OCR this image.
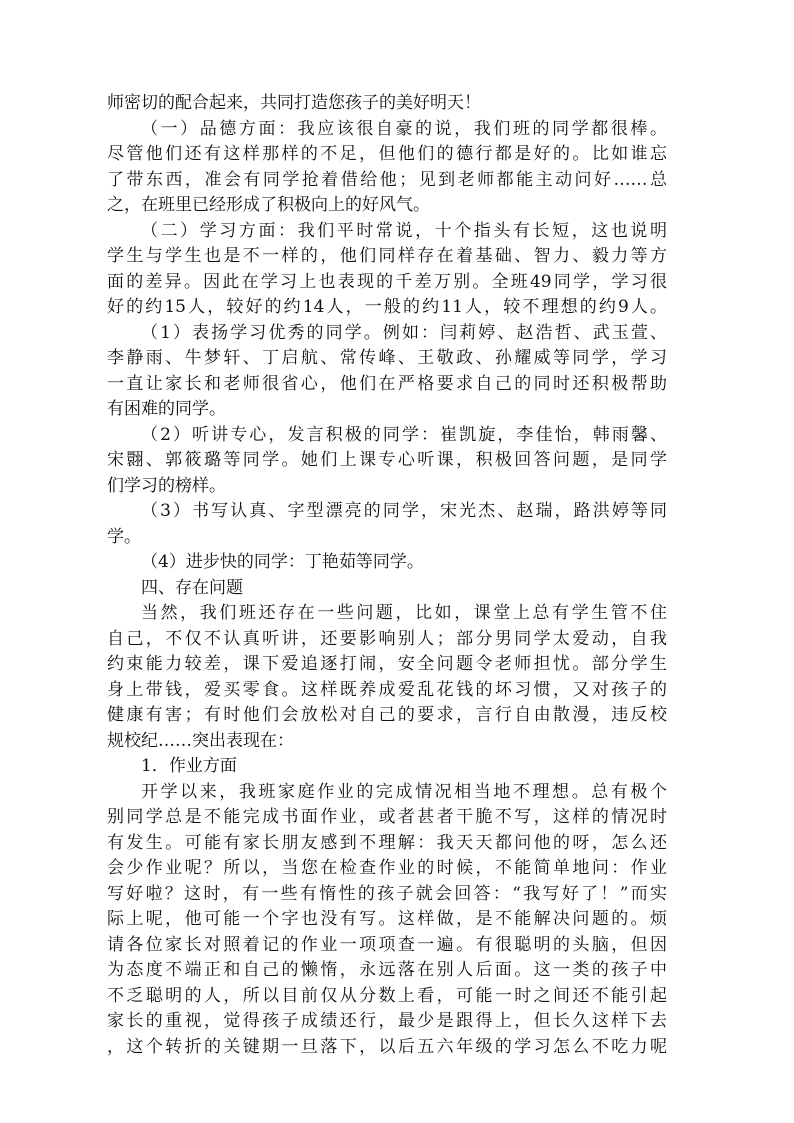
师密切的配合起来，共同打造您孩子的美好明天！
（一）品德方面：我应该很自豪的说，我们班的同学都很棒。
尽管他们还有这样那样的不足，但他们的德行都是好的。比如谁忘
了带东西，准会有同学抢着借给他；见到老师都能主动问好……总
之，在班里已经形成了积极向上的好风气。
（二）学习方面：我们平时常说，十个指头有长短，这也说明
学生与学生也是不一样的，他们同样存在着基础、智力、毅力等方
面的差异。因此在学习上也表现的千差万别。全班49同学，学习很
好的约15人，较好的约14人，一般的约11人，较不理想的约9人。
（1）表扬学习优秀的同学。例如：闫莉婷、赵浩哲、武玉萱、
李静雨、牛梦轩、丁启航、常传峰、王敬政、孙耀威等同学，学习
一直让家长和老师很省心，他们在严格要求自己的同时还积极帮助
有困难的同学。
（2）听讲专心，发言积极的同学：崔凯旋，李佳怡，韩雨馨、
宋翾、郭筱璐等同学。她们上课专心听课，积极回答问题，是同学
们学习的榜样。
（3）书写认真、字型漂亮的同学，宋光杰、赵瑞，路洪婷等同
学。
（4）进步快的同学：丁艳茹等同学。
四、存在问题
当然，我们班还存在一些问题，比如，课堂上总有学生管不住
自己，不仅不认真听讲，还要影响别人；部分男同学太爱动，自我
约束能力较差，课下爱追逐打闹，安全问题令老师担忧。部分学生
身上带钱，爱买零食。这样既养成爱乱花钱的坏习惯，又对孩子的
健康有害；有时他们会放松对自己的要求，言行自由散漫，违反校
规校纪……突出表现在：
1．作业方面
开学以来，我班家庭作业的完成情况相当地不理想。总有极个
别同学总是不能完成书面作业，或者甚者干脆不写，这样的情况时
有发生。可能有家长朋友感到不理解：我天天都问他的呀，怎么还
会少作业呢？所以，当您在检查作业的时候，不能简单地问：作业
写好啦？这时，有一些有惰性的孩子就会回答：“我写好了！”而实
际上呢，他可能一个字也没有写。这样做，是不能解决问题的。烦
请各位家长对照着记的作业一项项查一遍。有很聪明的头脑，但因
为态度不端正和自己的懒惰，永远落在别人后面。这一类的孩子中
不乏聪明的人，所以目前仅从分数上看，可能一时之间还不能引起
家长的重视，觉得孩子成绩还行，最少是跟得上，但长久这样下去
，这个转折的关键期一旦落下，以后五六年级的学习怎么不吃力呢
